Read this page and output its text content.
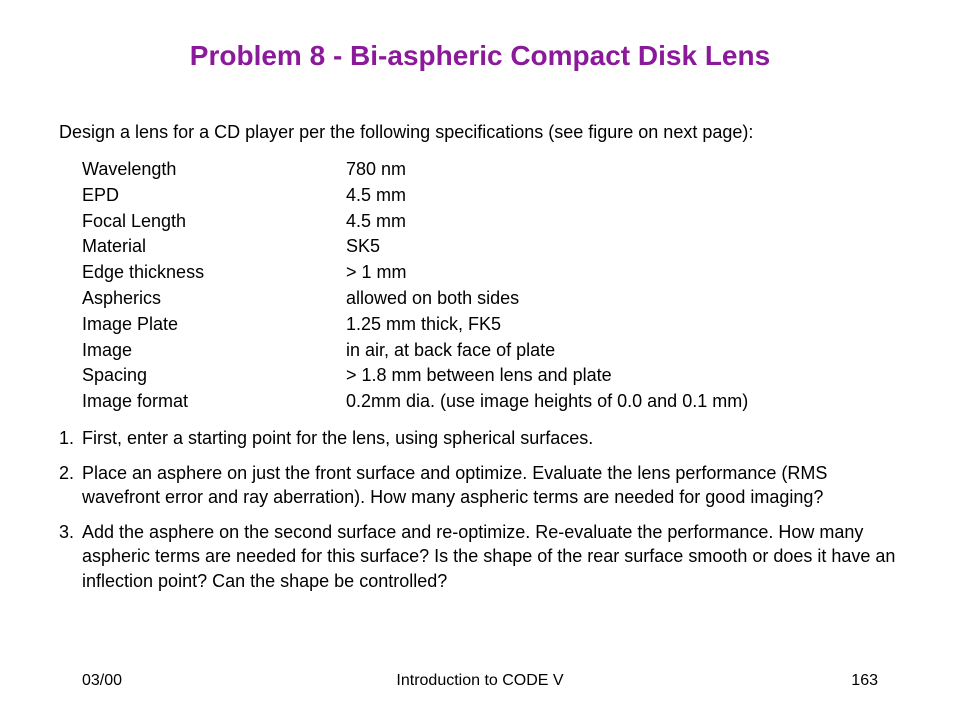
Problem 8 - Bi-aspheric Compact Disk Lens
Design a lens for a CD player per the following specifications (see figure on next page):
Wavelength	780 nm
EPD	4.5 mm
Focal Length	4.5 mm
Material	SK5
Edge thickness	> 1 mm
Aspherics	allowed on both sides
Image Plate	1.25 mm thick, FK5
Image	in air, at back face of plate
Spacing	> 1.8 mm between lens and plate
Image format	0.2mm dia. (use image heights of 0.0 and 0.1 mm)
1. First, enter a starting point for the lens, using spherical surfaces.
2. Place an asphere on just the front surface and optimize. Evaluate the lens performance (RMS wavefront error and ray aberration). How many aspheric terms are needed for good imaging?
3. Add the asphere on the second surface and re-optimize. Re-evaluate the performance. How many aspheric terms are needed for this surface? Is the shape of the rear surface smooth or does it have an inflection point? Can the shape be controlled?
03/00	Introduction to CODE V	163
